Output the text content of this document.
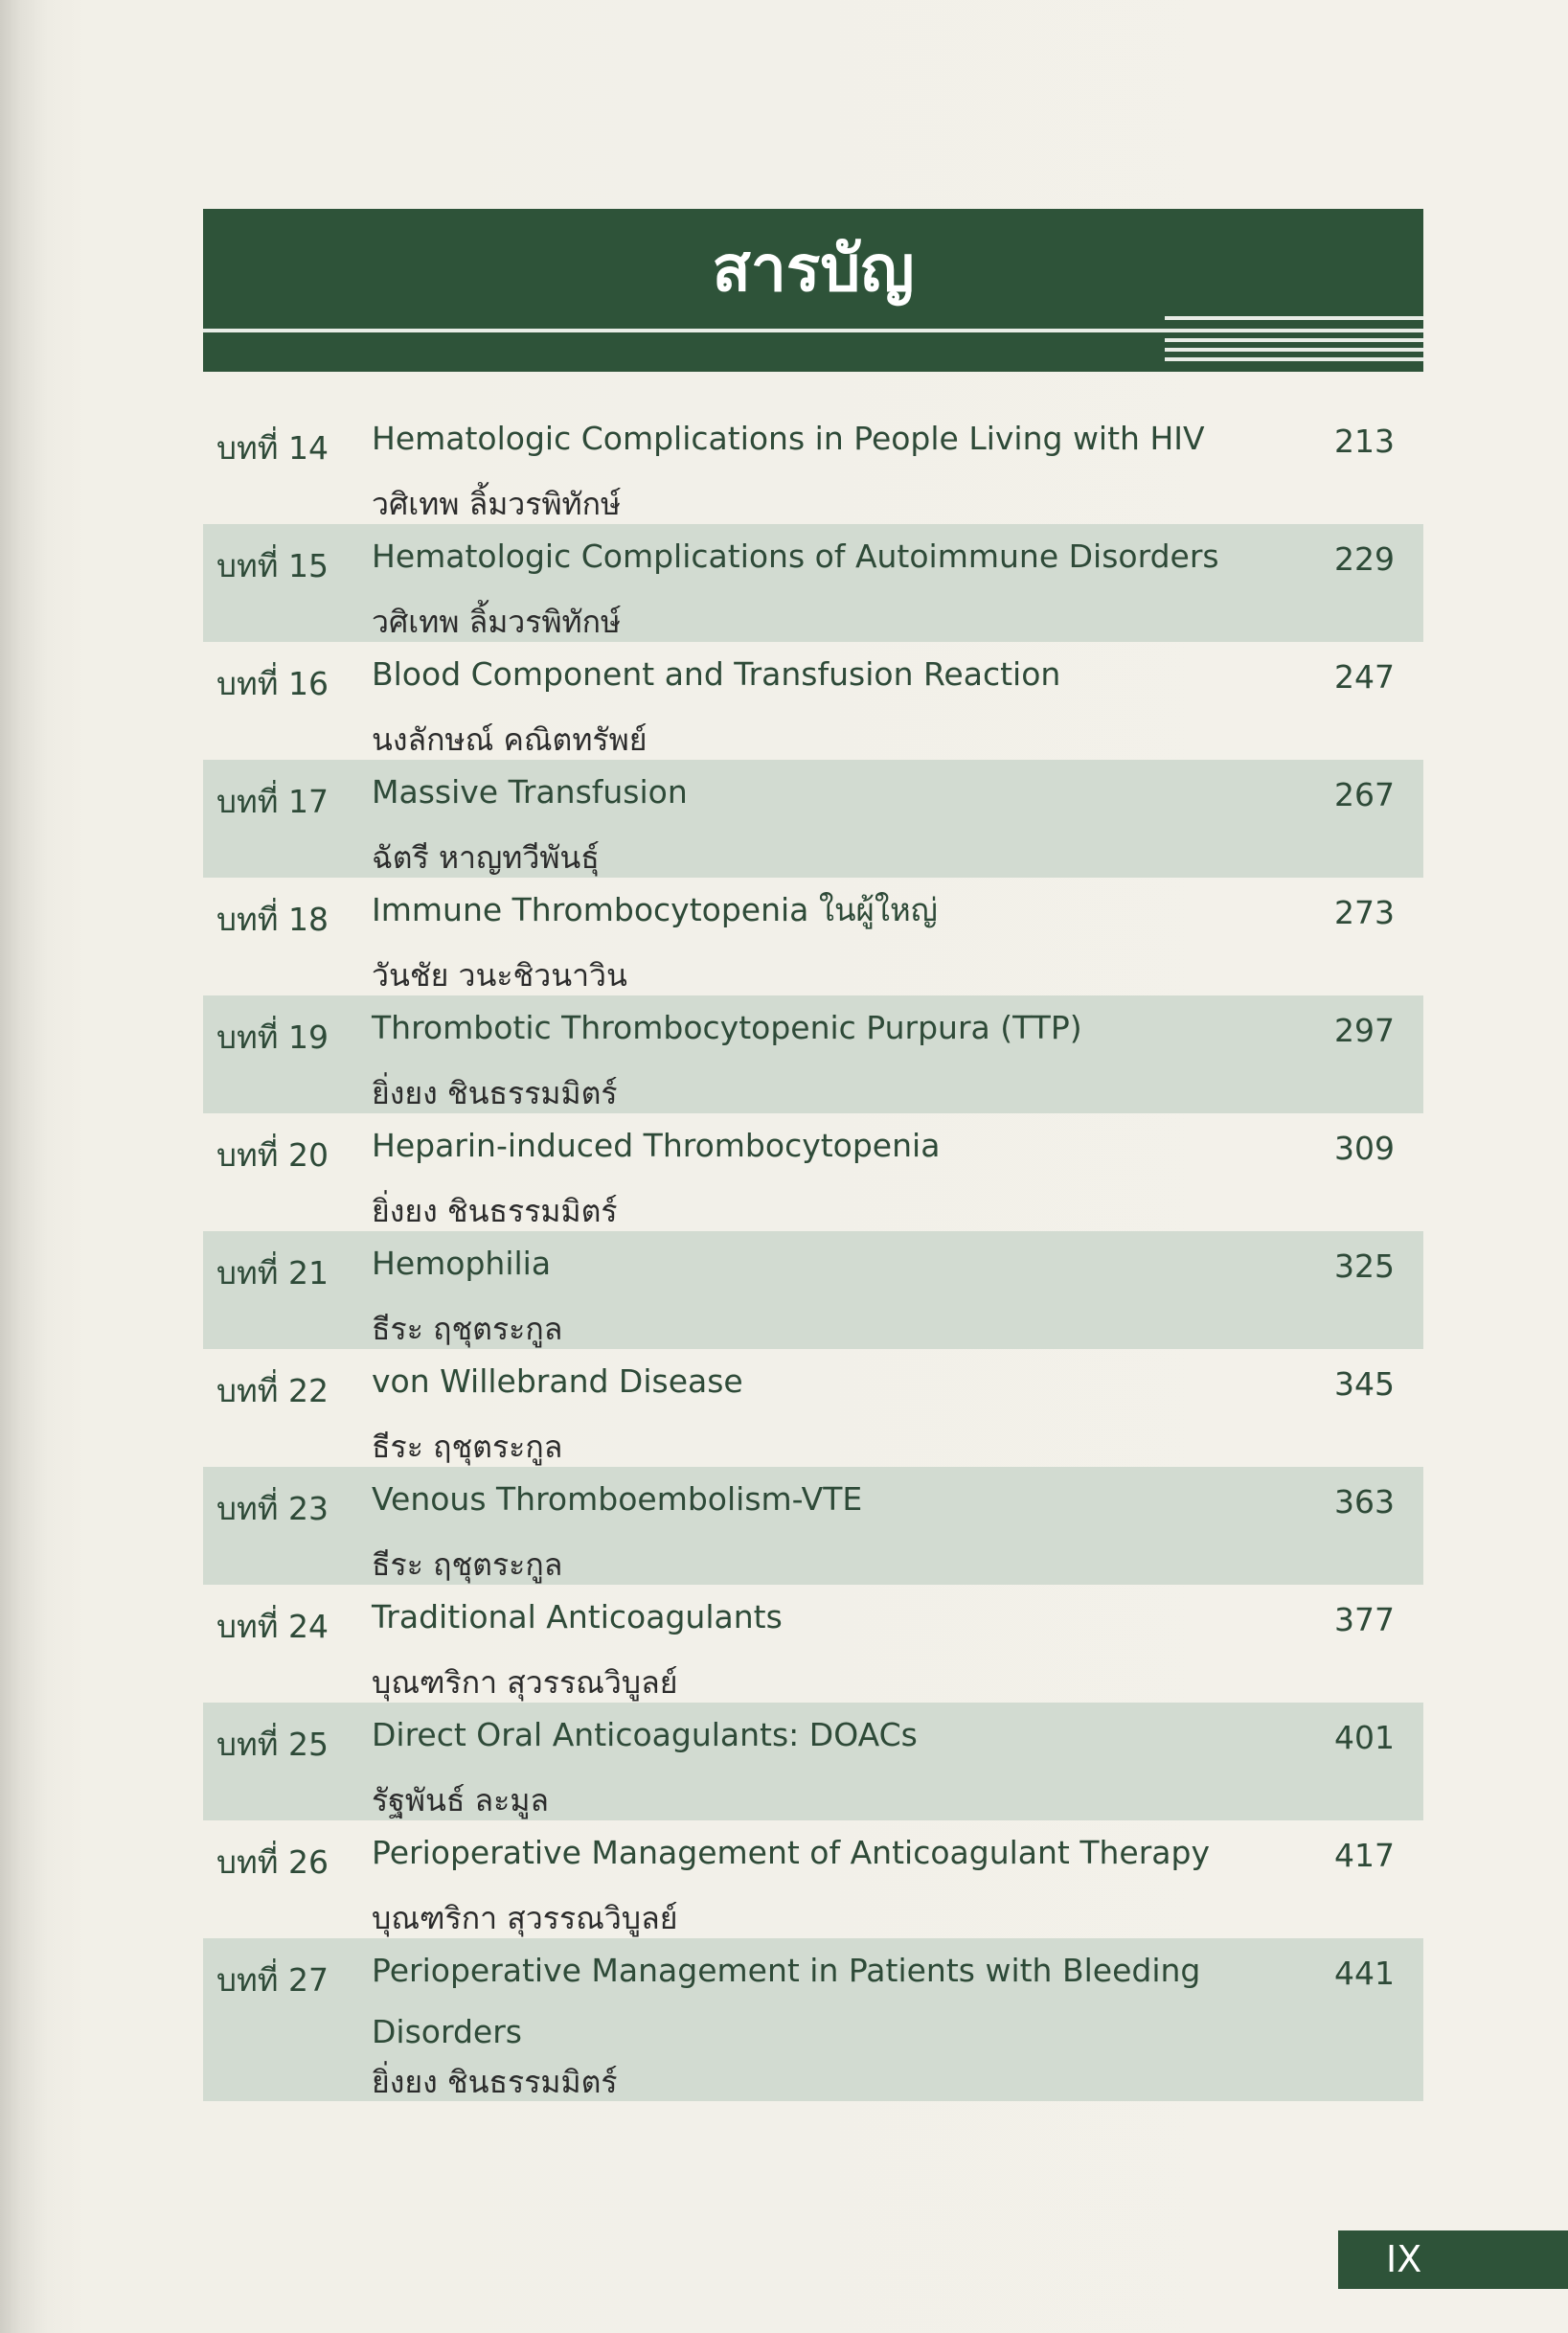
สารบัญ
บทที่ 14 Hematologic Complications in People Living with HIV
วศิเทพ ลิ้มวรพิทักษ์
213
บทที่ 15 Hematologic Complications of Autoimmune Disorders
วศิเทพ ลิ้มวรพิทักษ์
229
บทที่ 16 Blood Component and Transfusion Reaction
นงลักษณ์ คณิตทรัพย์
247
บทที่ 17 Massive Transfusion
ฉัตรี หาญทวีพันธุ์
267
บทที่ 18 Immune Thrombocytopenia ในผู้ใหญ่
วันชัย วนะชิวนาวิน
273
บทที่ 19 Thrombotic Thrombocytopenic Purpura (TTP)
ยิ่งยง ชินธรรมมิตร์
297
บทที่ 20 Heparin-induced Thrombocytopenia
ยิ่งยง ชินธรรมมิตร์
309
บทที่ 21 Hemophilia
ธีระ ฤชุตระกูล
325
บทที่ 22 von Willebrand Disease
ธีระ ฤชุตระกูล
345
บทที่ 23 Venous Thromboembolism-VTE
ธีระ ฤชุตระกูล
363
บทที่ 24 Traditional Anticoagulants
บุณฑริกา สุวรรณวิบูลย์
377
บทที่ 25 Direct Oral Anticoagulants: DOACs
รัฐพันธ์ ละมูล
401
บทที่ 26 Perioperative Management of Anticoagulant Therapy
บุณฑริกา สุวรรณวิบูลย์
417
บทที่ 27 Perioperative Management in Patients with Bleeding Disorders
ยิ่งยง ชินธรรมมิตร์
441
IX
